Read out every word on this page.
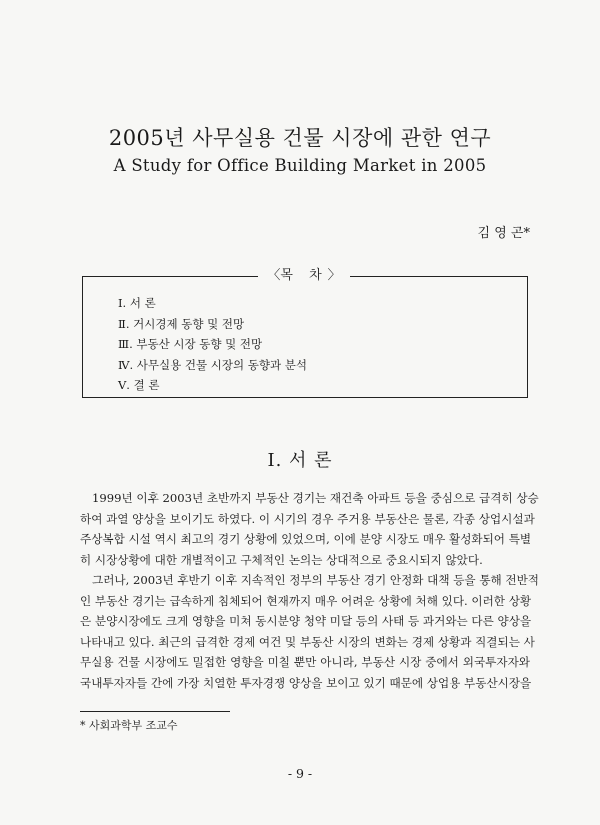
2005년 사무실용 건물 시장에 관한 연구
A Study for Office Building Market in 2005
김 영 곤*
〈목 차〉
Ⅰ. 서 론
Ⅱ. 거시경제 동향 및 전망
Ⅲ. 부동산 시장 동향 및 전망
Ⅳ. 사무실용 건물 시장의 동향과 분석
Ⅴ. 결 론
Ⅰ. 서 론
1999년 이후 2003년 초반까지 부동산 경기는 재건축 아파트 등을 중심으로 급격히 상승
하여 과열 양상을 보이기도 하였다. 이 시기의 경우 주거용 부동산은 물론, 각종 상업시설과
주상복합 시설 역시 최고의 경기 상황에 있었으며, 이에 분양 시장도 매우 활성화되어 특별
히 시장상황에 대한 개별적이고 구체적인 논의는 상대적으로 중요시되지 않았다.
그러나, 2003년 후반기 이후 지속적인 정부의 부동산 경기 안정화 대책 등을 통해 전반적
인 부동산 경기는 급속하게 침체되어 현재까지 매우 어려운 상황에 처해 있다. 이러한 상황
은 분양시장에도 크게 영향을 미쳐 동시분양 청약 미달 등의 사태 등 과거와는 다른 양상을
나타내고 있다. 최근의 급격한 경제 여건 및 부동산 시장의 변화는 경제 상황과 직결되는 사
무실용 건물 시장에도 밀접한 영향을 미칠 뿐만 아니라, 부동산 시장 중에서 외국투자자와
국내투자자들 간에 가장 치열한 투자경쟁 양상을 보이고 있기 때문에 상업용 부동산시장을
* 사회과학부 조교수
- 9 -
